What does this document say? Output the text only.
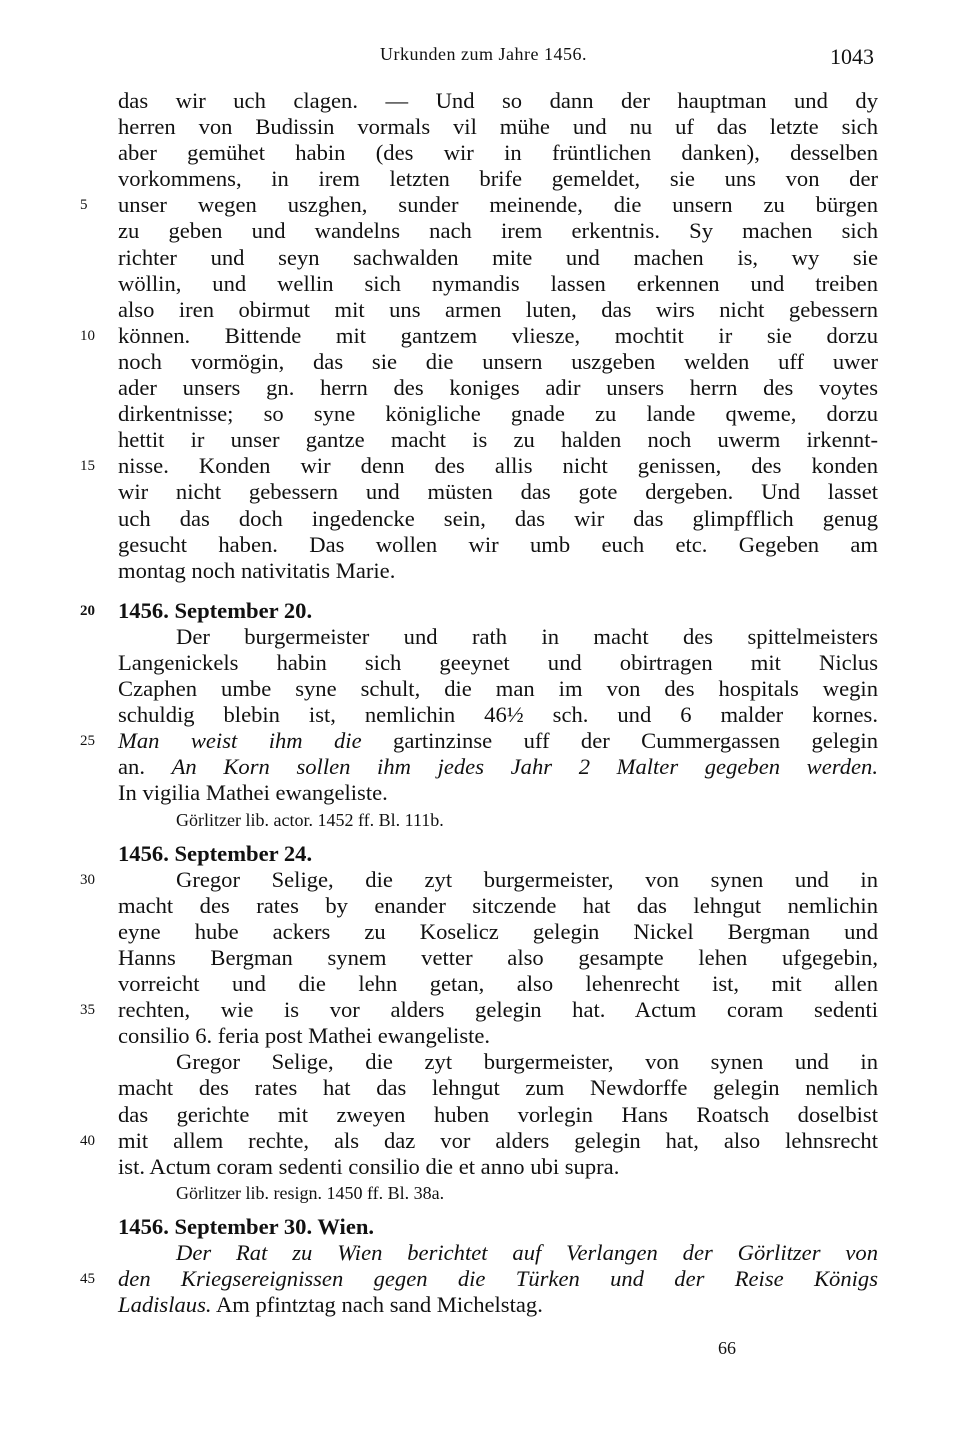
Urkunden zum Jahre 1456.	1043
das wir uch clagen. — Und so dann der hauptman und dy
herren von Budissin vormals vil mühe und nu uf das letzte sich
aber gemühet habin (des wir in früntlichen danken), desselben
vorkommens, in irem letzten brife gemeldet, sie uns von der
5	unser wegen uszghen, sunder meinende, die unsern zu bürgen
zu geben und wandelns nach irem erkentnis. Sy machen sich
richter und seyn sachwalden mite und machen is, wy sie
wöllin, und wellin sich nymandis lassen erkennen und treiben
also iren obirmut mit uns armen luten, das wirs nicht gebessern
10	können. Bittende mit gantzem vliesze, mochtit ir sie dorzu
noch vormögin, das sie die unsern uszgeben welden uff uwer
ader unsers gn. herrn des koniges adir unsers herrn des voytes
dirkentnisse; so syne königliche gnade zu lande qweme, dorzu
hettit ir unser gantze macht is zu halden noch uwerm irkennt-
15	nisse. Konden wir denn des allis nicht genissen, des konden
wir nicht gebessern und müsten das gote dergeben. Und lasset
uch das doch ingedencke sein, das wir das glimpfflich genug
gesucht haben. Das wollen wir umb euch etc. Gegeben am
montag noch nativitatis Marie.
20	1456. September 20.
Der burgermeister und rath in macht des spittelmeisters
Langenickels habin sich geeynet und obirtragen mit Niclus
Czaphen umbe syne schult, die man im von des hospitals wegin
schuldig blebin ist, nemlichin 46½ sch. und 6 malder kornes.
25	Man weist ihm die gartinzinse uff der Cummergassen gelegin
an. An Korn sollen ihm jedes Jahr 2 Malter gegeben werden.
In vigilia Mathei ewangeliste.
Görlitzer lib. actor. 1452 ff. Bl. 111b.
1456. September 24.
30	Gregor Selige, die zyt burgermeister, von synen und in
macht des rates by enander sitczende hat das lehngut nemlichin
eyne hube ackers zu Koselicz gelegin Nickel Bergman und
Hanns Bergman synem vetter also gesampte lehen ufgegebin,
vorreicht und die lehn getan, also lehenrecht ist, mit allen
35	rechten, wie is vor alders gelegin hat. Actum coram sedenti
consilio 6. feria post Mathei ewangeliste.
Gregor Selige, die zyt burgermeister, von synen und in
macht des rates hat das lehngut zum Newdorffe gelegin nemlich
das gerichte mit zweyen huben vorlegin Hans Roatsch doselbist
40	mit allem rechte, als daz vor alders gelegin hat, also lehnsrecht
ist. Actum coram sedenti consilio die et anno ubi supra.
Görlitzer lib. resign. 1450 ff. Bl. 38a.
1456. September 30. Wien.
Der Rat zu Wien berichtet auf Verlangen der Görlitzer von
45	den Kriegsereignissen gegen die Türken und der Reise Königs
Ladislaus. Am pfintztag nach sand Michelstag.
66
